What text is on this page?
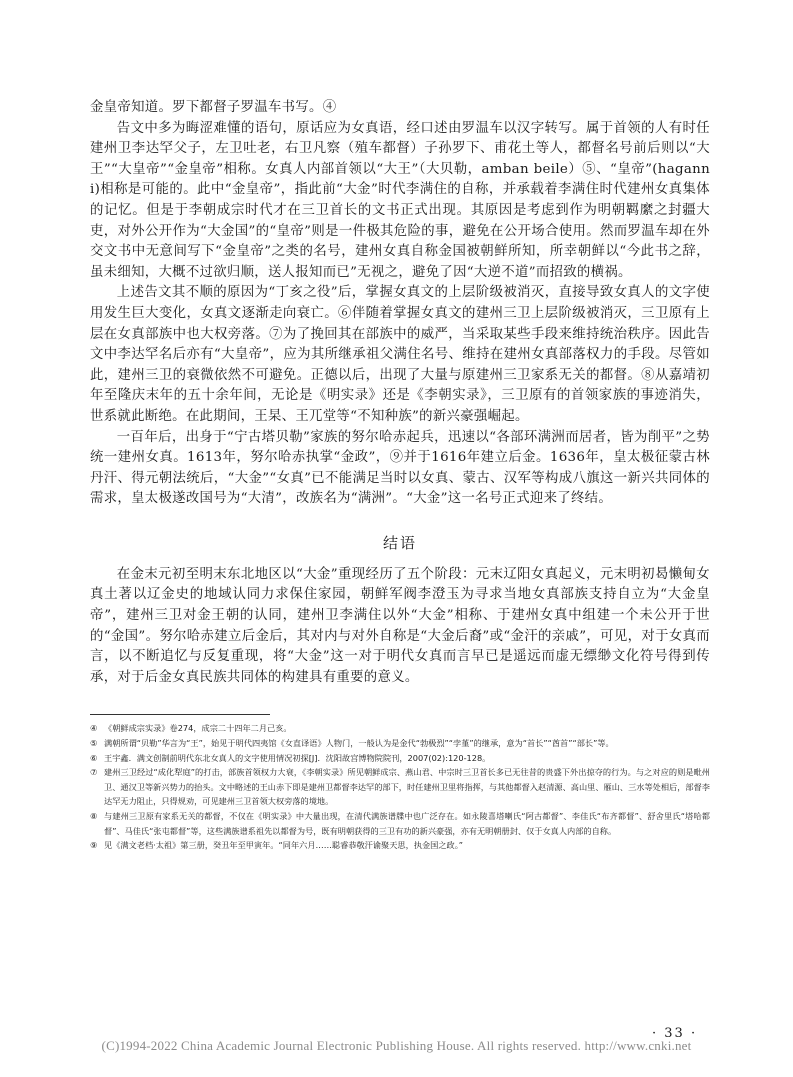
金皇帝知道。罗下都督子罗温车书写。④

告文中多为晦涩难懂的语句，原话应为女真语，经口述由罗温车以汉字转写。属于首领的人有时任建州卫李达罕父子，左卫吐老，右卫凡察（殖车都督）子孙罗下、甫花土等人，都督名号前后则以“大王”“大皇帝”“金皇帝”相称。女真人内部首领以“大王”（大贝勒，amban beile）⑤、“皇帝”(haganni)相称是可能的。此中“金皇帝”，指此前“大金”时代李满住的自称，并承载着李满住时代建州女真集体的记忆。但是于李朝成宗时代才在三卫首长的文书正式出现。其原因是考虑到作为明朝羁縻之封疆大吏，对外公开作为“大金国”的“皇帝”则是一件极其危险的事，避免在公开场合使用。然而罗温车却在外交文书中无意间写下“金皇帝”之类的名号，建州女真自称金国被朝鲜所知，所幸朝鲜以“今此书之辞，虽未细知，大概不过欲归顺，送人报知而已”无视之，避免了因“大逆不道”而招致的横祸。

上述告文其不顺的原因为“丁亥之役”后，掌握女真文的上层阶级被消灭，直接导致女真人的文字使用发生巨大变化，女真文逐渐走向衰亡。⑥伴随着掌握女真文的建州三卫上层阶级被消灭，三卫原有上层在女真部族中也大权旁落。⑦为了挽回其在部族中的威严，当采取某些手段来维持统治秩序。因此告文中李达罕名后亦有“大皇帝”，应为其所继承祖父满住名号、维持在建州女真部落权力的手段。尽管如此，建州三卫的衰微依然不可避免。正德以后，出现了大量与原建州三卫家系无关的都督。⑧从嘉靖初年至隆庆末年的五十余年间，无论是《明实录》还是《李朝实录》，三卫原有的首领家族的事迹消失，世系就此断绝。在此期间，王杲、王兀堂等“不知种族”的新兴豪强崛起。

一百年后，出身于“宁古塔贝勒”家族的努尔哈赤起兵，迅速以“各部环满洲而居者，皆为削平”之势统一建州女真。1613年，努尔哈赤执掌“金政”，⑨并于1616年建立后金。1636年，皇太极征蒙古林丹汗、得元朝法统后，“大金”“女真”已不能满足当时以女真、蒙古、汉军等构成八旗这一新兴共同体的需求，皇太极遂改国号为“大清”，改族名为“满洲”。“大金”这一名号正式迎来了终结。

结语

在金末元初至明末东北地区以“大金”重现经历了五个阶段：元末辽阳女真起义，元末明初曷懒甸女真土著以辽金史的地域认同力求保住家园，朝鲜军阀李澄玉为寻求当地女真部族支持自立为“大金皇帝”，建州三卫对金王朝的认同，建州卫李满住以外“大金”相称、于建州女真中组建一个未公开于世的“金国”。努尔哈赤建立后金后，其对内与对外自称是“大金后裔”或“金汗的亲戚”，可见，对于女真而言，以不断追忆与反复重现，将“大金”这一对于明代女真而言早已是遥远而虚无缥缈文化符号得到传承，对于后金女真民族共同体的构建具有重要的意义。

④ 《朝鲜成宗实录》卷274，成宗二十四年二月己亥。

⑤ 满朝所谓“贝勒”华言为“王”，始见于明代四夷馆《女直译语》人物门，一般认为是金代“勃极烈”“孛堇”的继承，意为“首长”“酋首”“部长”等。

⑥ 王宇鑫．满文创制前明代东北女真人的文字使用情况初探[J]．沈阳故宫博物院院刊，2007(02):120-128。

⑦ 建州三卫经过“成化犁庭”的打击，部族首领权力大衰，《李朝实录》所见朝鲜成宗、燕山君、中宗时三卫首长多已无往昔的贵盛下外出掠夺的行为。与之对应的则是毗州卫、通汉卫等新兴势力的抬头。文中略述的王山赤下即是建州卫都督李达罕的部下，时任建州卫里将指挥，与其他都督入赵清源、高山里、雁山、三水等处相后，部督李达罕无力阻止，只得规劝，可见建州三卫首领大权旁落的境地。

⑧ 与建州三卫原有家系无关的都督，不仅在《明实录》中大量出现，在清代满族谱牒中也广泛存在。如永陵喜塔喇氏“阿古都督”、李佳氏“布齐都督”、舒舍里氏“塔哈都督”、马佳氏“张屯都督”等，这些满族谱系祖先以都督为号，既有明朝获得的三卫有功的新兴豪强，亦有无明朝册封、仅于女真人内部的自称。

⑨ 见《满文老档·太祖》第三册，癸丑年至甲寅年。“同年六月……聪睿恭敬汗谕聚天思，执金国之政。”

· 33 ·
(C)1994-2022 China Academic Journal Electronic Publishing House. All rights reserved. http://www.cnki.net
